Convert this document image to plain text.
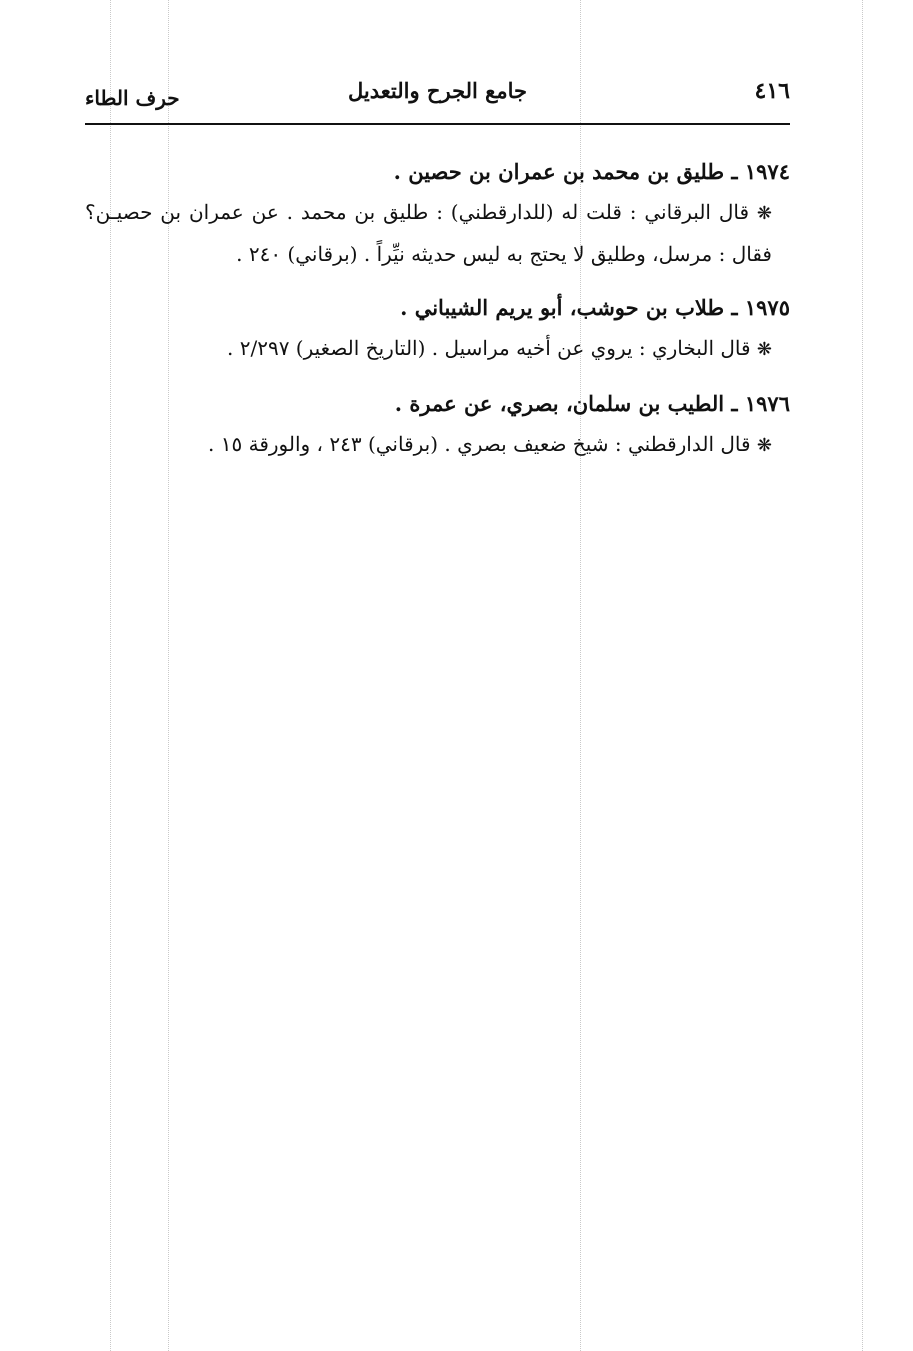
٤١٦
جامع الجرح والتعديل
حرف الطاء

١٩٧٤ ـ طليق بن محمد بن عمران بن حصين .

❋ قال البرقاني : قلت له (للدارقطني) : طليق بن محمد . عن عمران بن حصيـن؟فقال : مرسل، وطليق لا يحتج به ليس حديثه نيِّراً . (برقاني) ٢٤٠ .

١٩٧٥ ـ طلاب بن حوشب، أبو يريم الشيباني .

❋ قال البخاري : يروي عن أخيه مراسيل . (التاريخ الصغير) ٢/٢٩٧ .

١٩٧٦ ـ الطيب بن سلمان، بصري، عن عمرة .

❋ قال الدارقطني : شيخ ضعيف بصري . (برقاني) ٢٤٣ ، والورقة ١٥ .
